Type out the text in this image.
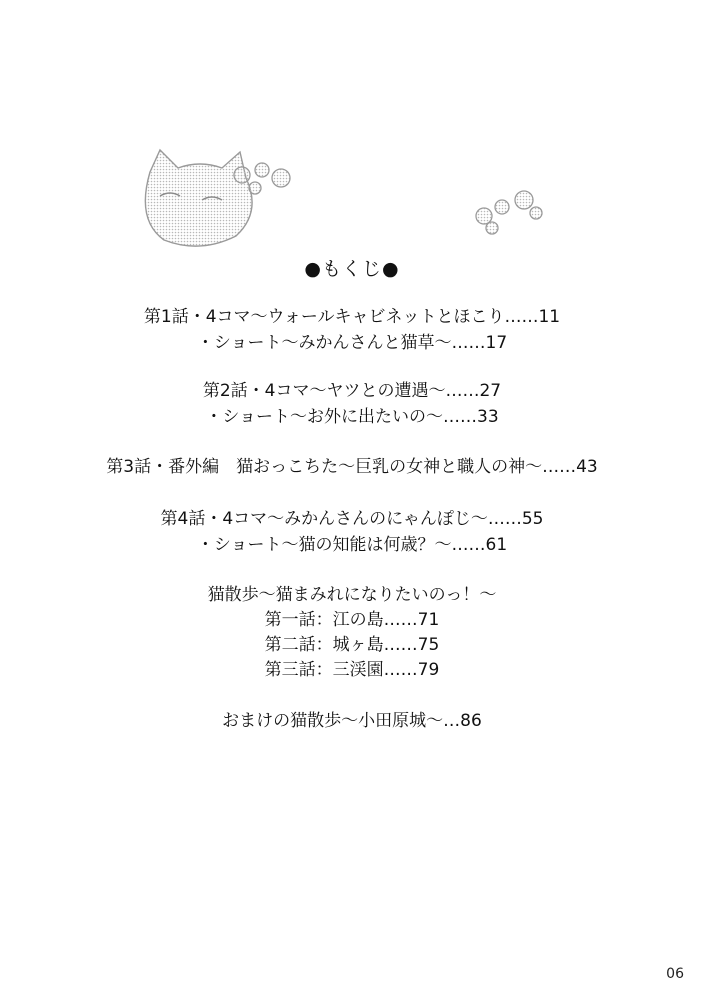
●もくじ●
第1話・4コマ～ウォールキャビネットとほこり……11
・ショート～みかんさんと猫草～……17
第2話・4コマ～ヤツとの遭遇～……27
・ショート～お外に出たいの～……33
第3話・番外編　猫おっこちた～巨乳の女神と職人の神～……43
第4話・4コマ～みかんさんのにゃんぽじ～……55
・ショート～猫の知能は何歳？～……61
猫散歩～猫まみれになりたいのっ！～
第一話：江の島……71
第二話：城ヶ島……75
第三話：三渓園……79
おまけの猫散歩～小田原城～…86
06
